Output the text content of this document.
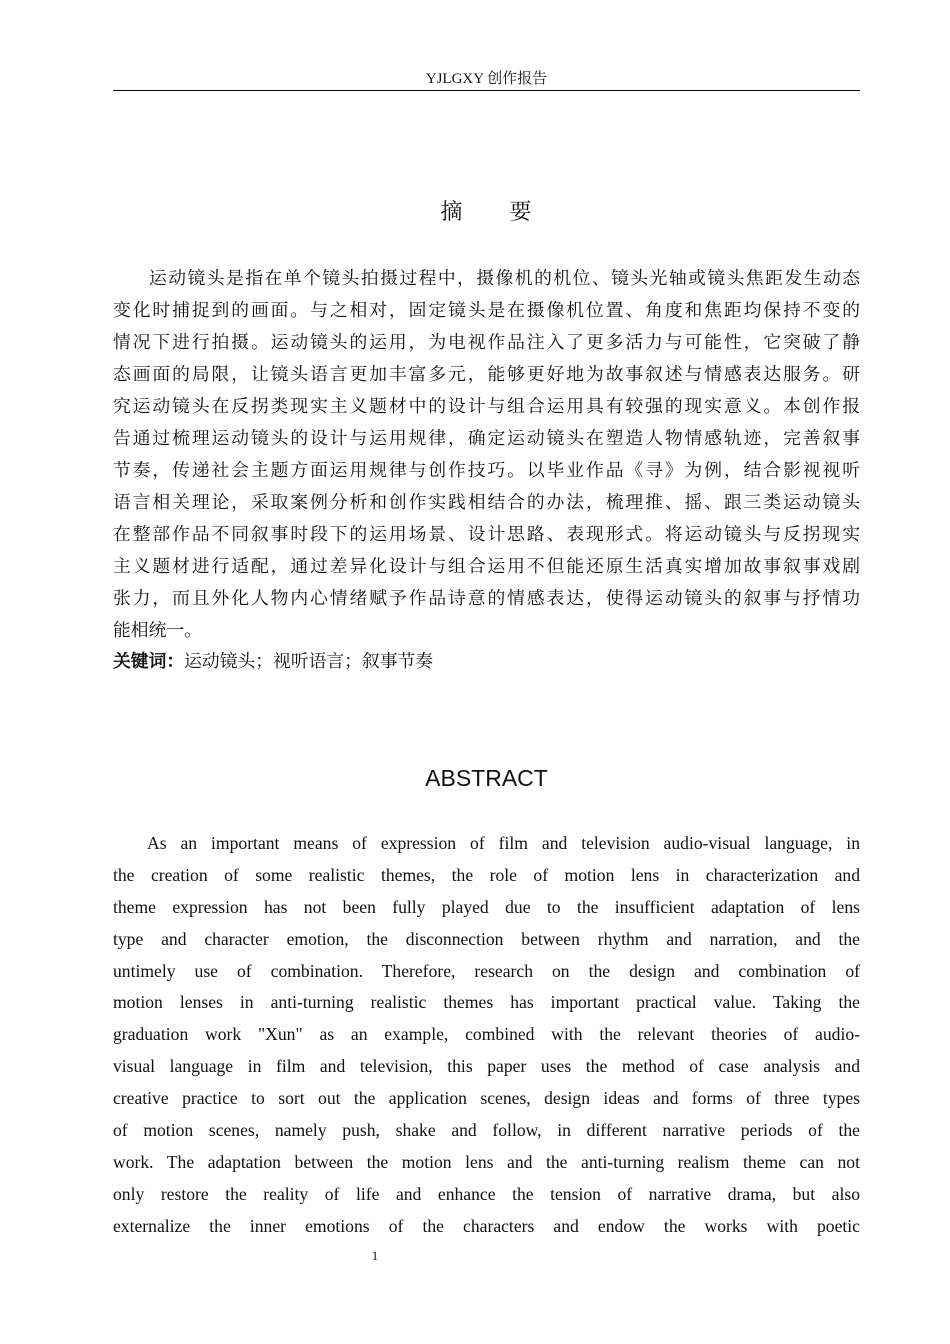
YJLGXY 创作报告
摘　　要
运动镜头是指在单个镜头拍摄过程中，摄像机的机位、镜头光轴或镜头焦距发生动态
变化时捕捉到的画面。与之相对，固定镜头是在摄像机位置、角度和焦距均保持不变的
情况下进行拍摄。运动镜头的运用，为电视作品注入了更多活力与可能性，它突破了静
态画面的局限，让镜头语言更加丰富多元，能够更好地为故事叙述与情感表达服务。研
究运动镜头在反拐类现实主义题材中的设计与组合运用具有较强的现实意义。本创作报
告通过梳理运动镜头的设计与运用规律，确定运动镜头在塑造人物情感轨迹，完善叙事
节奏，传递社会主题方面运用规律与创作技巧。以毕业作品《寻》为例，结合影视视听
语言相关理论，采取案例分析和创作实践相结合的办法，梳理推、摇、跟三类运动镜头
在整部作品不同叙事时段下的运用场景、设计思路、表现形式。将运动镜头与反拐现实
主义题材进行适配，通过差异化设计与组合运用不但能还原生活真实增加故事叙事戏剧
张力，而且外化人物内心情绪赋予作品诗意的情感表达，使得运动镜头的叙事与抒情功
能相统一。
关键词：运动镜头；视听语言；叙事节奏
ABSTRACT
As an important means of expression of film and television audio-visual language, in
the creation of some realistic themes, the role of motion lens in characterization and
theme expression has not been fully played due to the insufficient adaptation of lens
type and character emotion, the disconnection between rhythm and narration, and the
untimely use of combination. Therefore, research on the design and combination of
motion lenses in anti-turning realistic themes has important practical value. Taking the
graduation work "Xun" as an example, combined with the relevant theories of audio-
visual language in film and television, this paper uses the method of case analysis and
creative practice to sort out the application scenes, design ideas and forms of three types
of motion scenes, namely push, shake and follow, in different narrative periods of the
work. The adaptation between the motion lens and the anti-turning realism theme can not
only restore the reality of life and enhance the tension of narrative drama, but also
externalize the inner emotions of the characters and endow the works with poetic
1
